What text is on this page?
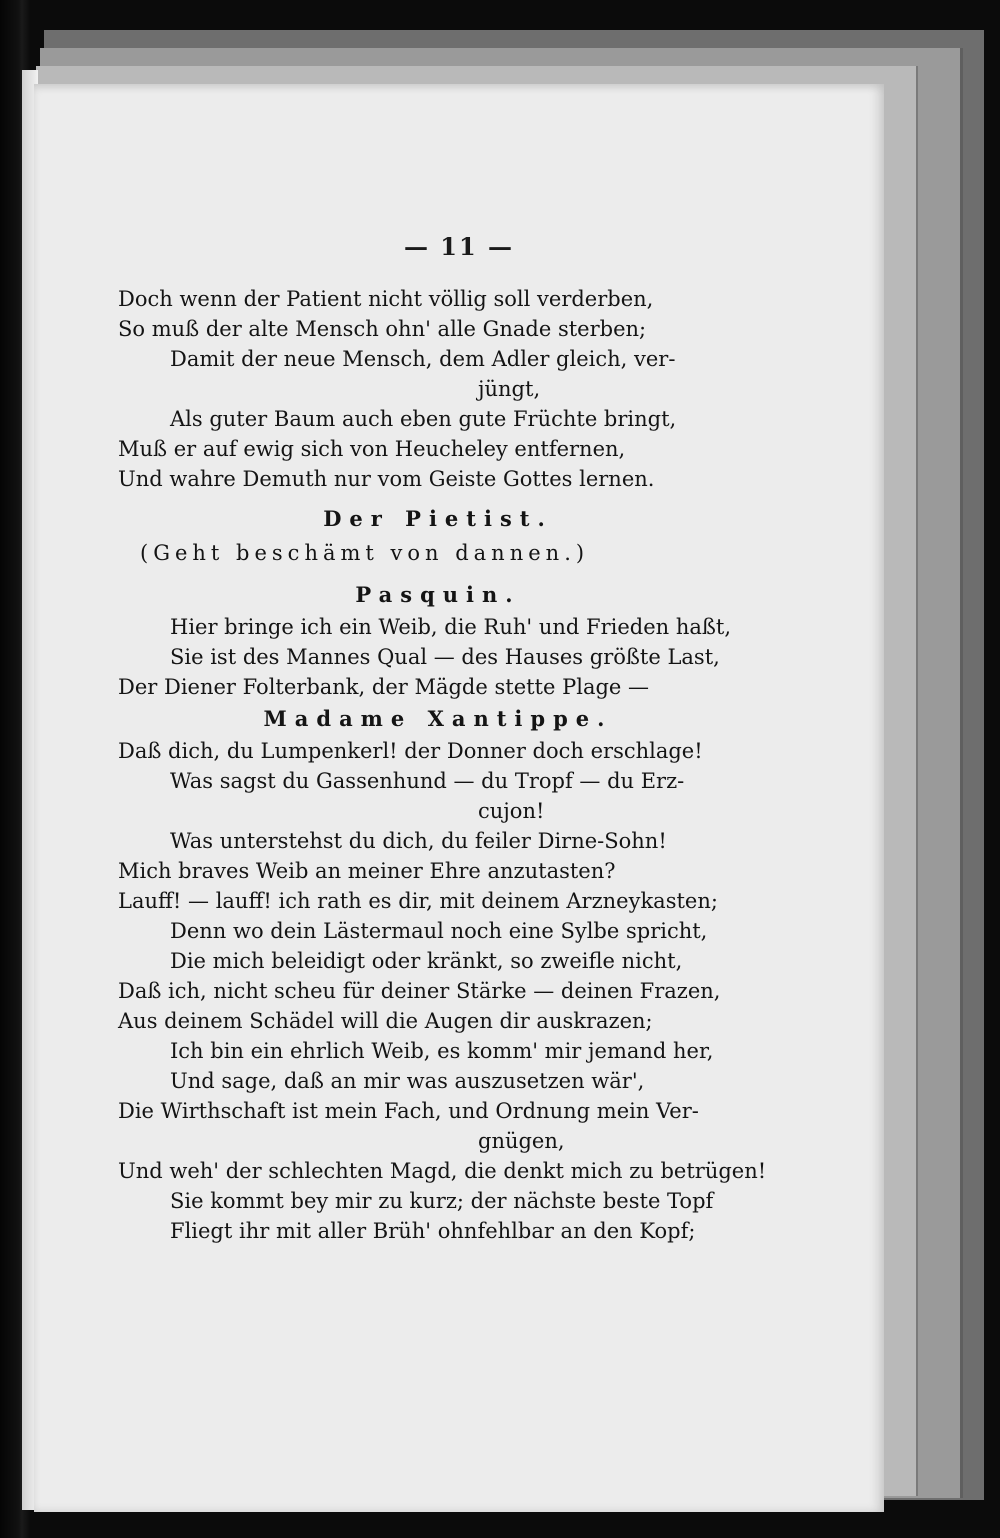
— 11 —
Doch wenn der Patient nicht völlig soll verderben,
So muß der alte Mensch ohn' alle Gnade sterben;
Damit der neue Mensch, dem Adler gleich, ver-
jüngt,
Als guter Baum auch eben gute Früchte bringt,
Muß er auf ewig sich von Heucheley entfernen,
Und wahre Demuth nur vom Geiste Gottes lernen.
Der Pietist.
(Geht beschämt von dannen.)
Pasquin.
Hier bringe ich ein Weib, die Ruh' und Frieden haßt,
Sie ist des Mannes Qual — des Hauses größte Last,
Der Diener Folterbank, der Mägde stette Plage —
Madame Xantippe.
Daß dich, du Lumpenkerl! der Donner doch erschlage!
Was sagst du Gassenhund — du Tropf — du Erz-
cujon!
Was unterstehst du dich, du feiler Dirne-Sohn!
Mich braves Weib an meiner Ehre anzutasten?
Lauff! — lauff! ich rath es dir, mit deinem Arzneykasten;
Denn wo dein Lästermaul noch eine Sylbe spricht,
Die mich beleidigt oder kränkt, so zweifle nicht,
Daß ich, nicht scheu für deiner Stärke — deinen Frazen,
Aus deinem Schädel will die Augen dir auskrazen;
Ich bin ein ehrlich Weib, es komm' mir jemand her,
Und sage, daß an mir was auszusetzen wär',
Die Wirthschaft ist mein Fach, und Ordnung mein Ver-
gnügen,
Und weh' der schlechten Magd, die denkt mich zu betrügen!
Sie kommt bey mir zu kurz; der nächste beste Topf
Fliegt ihr mit aller Brüh' ohnfehlbar an den Kopf;
